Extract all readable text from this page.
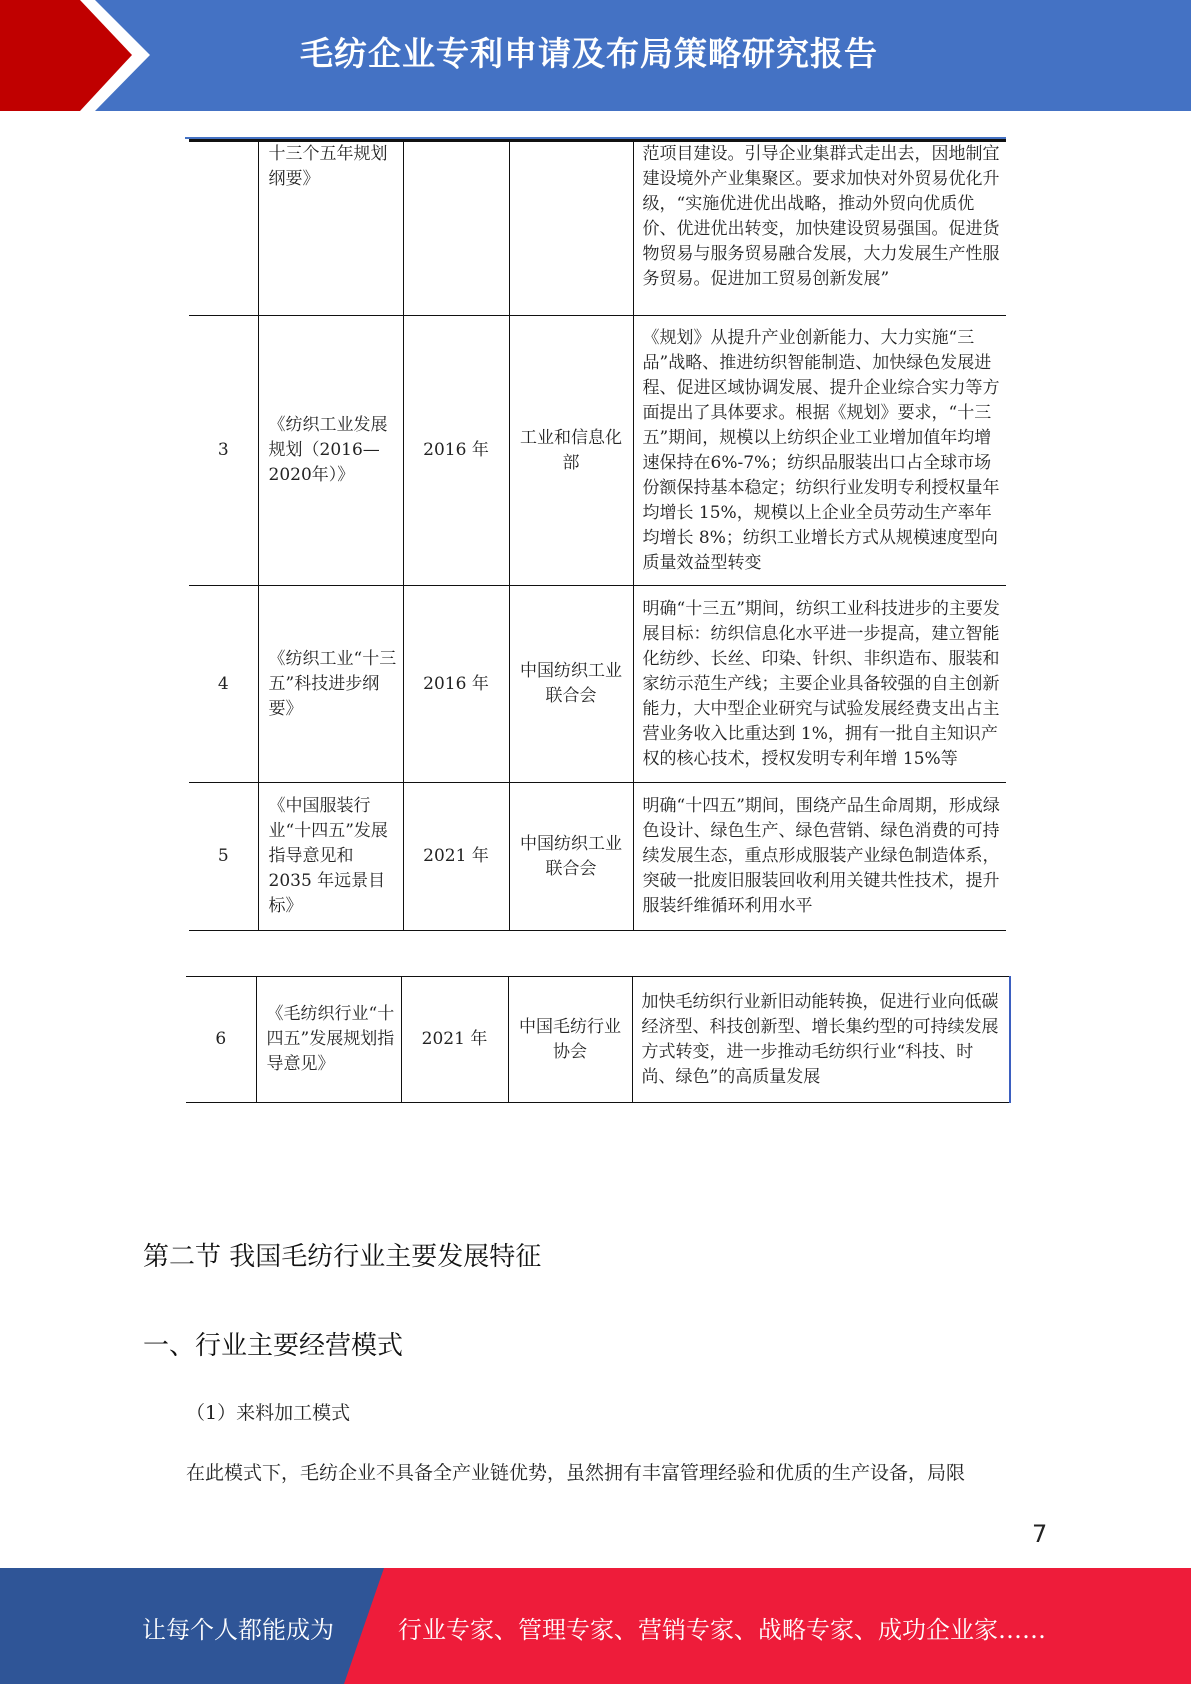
毛纺企业专利申请及布局策略研究报告
	十三个五年规划纲要》			范项目建设。引导企业集群式走出去，因地制宜建设境外产业集聚区。要求加快对外贸易优化升级，“实施优进优出战略，推动外贸向优质优价、优进优出转变，加快建设贸易强国。促进货物贸易与服务贸易融合发展，大力发展生产性服务贸易。促进加工贸易创新发展”
3	《纺织工业发展规划（2016—2020年）》	2016 年	工业和信息化部	《规划》从提升产业创新能力、大力实施“三品”战略、推进纺织智能制造、加快绿色发展进程、促进区域协调发展、提升企业综合实力等方面提出了具体要求。根据《规划》要求，“十三五”期间，规模以上纺织企业工业增加值年均增速保持在6%-7%；纺织品服装出口占全球市场份额保持基本稳定；纺织行业发明专利授权量年均增长 15%，规模以上企业全员劳动生产率年均增长 8%；纺织工业增长方式从规模速度型向质量效益型转变
4	《纺织工业“十三五”科技进步纲要》	2016 年	中国纺织工业联合会	明确“十三五”期间，纺织工业科技进步的主要发展目标：纺织信息化水平进一步提高，建立智能化纺纱、长丝、印染、针织、非织造布、服装和家纺示范生产线；主要企业具备较强的自主创新能力，大中型企业研究与试验发展经费支出占主营业务收入比重达到 1%，拥有一批自主知识产权的核心技术，授权发明专利年增 15%等
5	《中国服装行业“十四五”发展指导意见和 2035 年远景目标》	2021 年	中国纺织工业联合会	明确“十四五”期间，围绕产品生命周期，形成绿色设计、绿色生产、绿色营销、绿色消费的可持续发展生态，重点形成服装产业绿色制造体系，突破一批废旧服装回收利用关键共性技术，提升服装纤维循环利用水平
6	《毛纺织行业“十四五”发展规划指导意见》	2021 年	中国毛纺行业协会	加快毛纺织行业新旧动能转换，促进行业向低碳经济型、科技创新型、增长集约型的可持续发展方式转变，进一步推动毛纺织行业“科技、时尚、绿色”的高质量发展
第二节 我国毛纺行业主要发展特征
一、行业主要经营模式
（1）来料加工模式
在此模式下，毛纺企业不具备全产业链优势，虽然拥有丰富管理经验和优质的生产设备，局限
7
让每个人都能成为	行业专家、管理专家、营销专家、战略专家、成功企业家……
